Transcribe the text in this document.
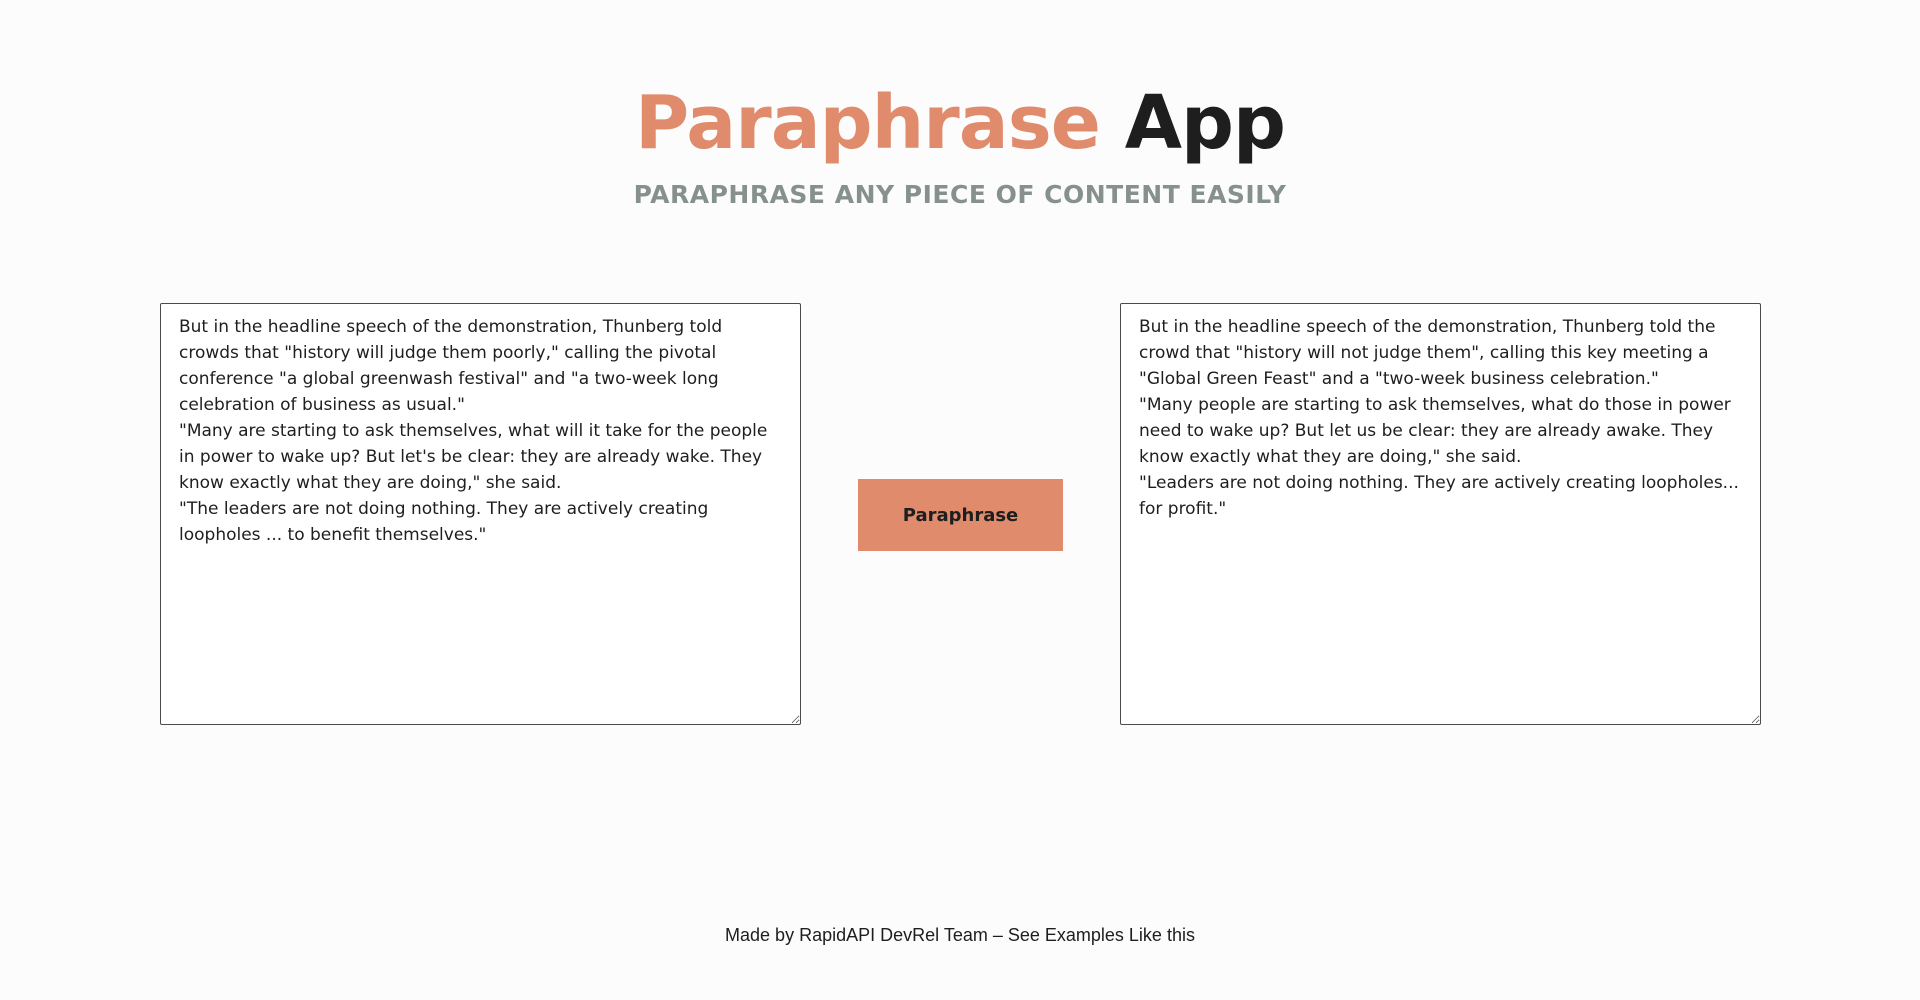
Paraphrase App
PARAPHRASE ANY PIECE OF CONTENT EASILY
But in the headline speech of the demonstration, Thunberg told crowds that "history will judge them poorly," calling the pivotal conference "a global greenwash festival" and "a two-week long celebration of business as usual." "Many are starting to ask themselves, what will it take for the people in power to wake up? But let's be clear: they are already wake. They know exactly what they are doing," she said. "The leaders are not doing nothing. They are actively creating loopholes ... to benefit themselves."
Paraphrase
But in the headline speech of the demonstration, Thunberg told the crowd that "history will not judge them", calling this key meeting a "Global Green Feast" and a "two-week business celebration." "Many people are starting to ask themselves, what do those in power need to wake up? But let us be clear: they are already awake. They know exactly what they are doing," she said. "Leaders are not doing nothing. They are actively creating loopholes... for profit."
Made by RapidAPI DevRel Team – See Examples Like this
